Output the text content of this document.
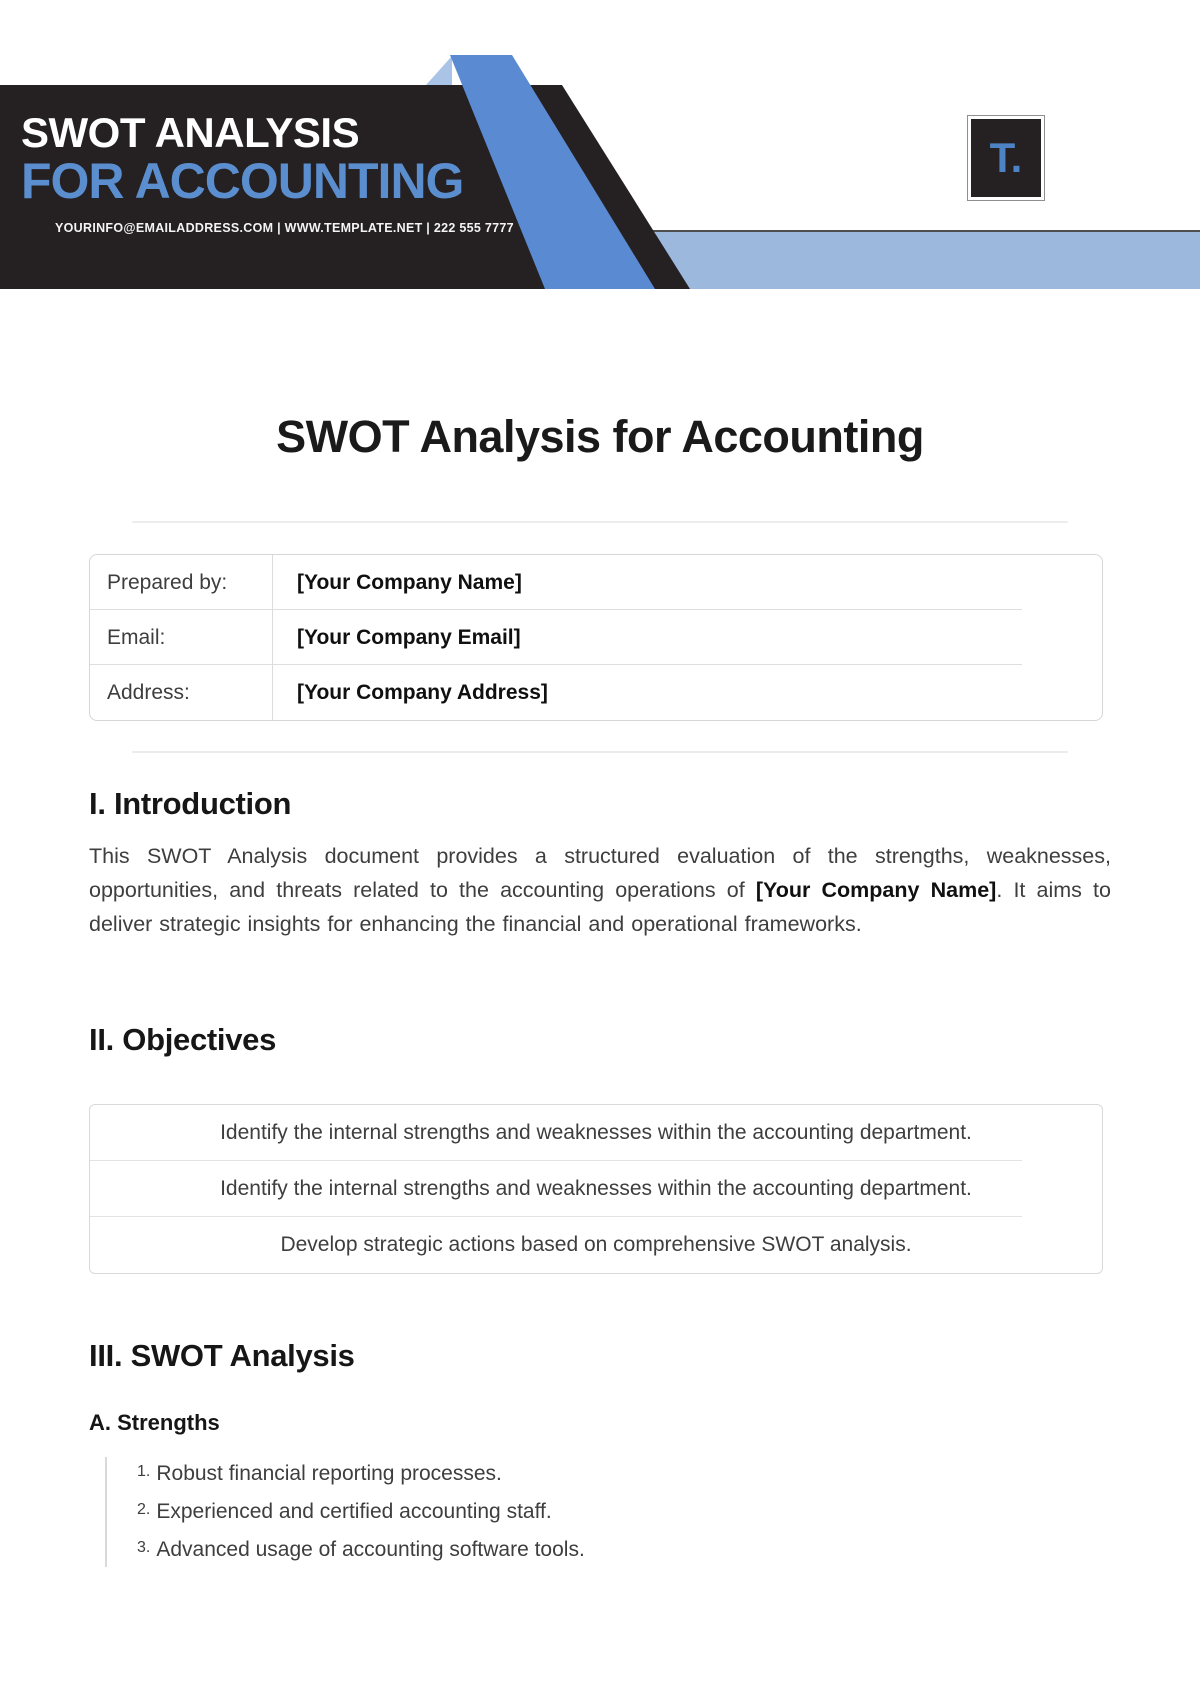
SWOT ANALYSIS
FOR ACCOUNTING
YOURINFO@EMAILADDRESS.COM | WWW.TEMPLATE.NET | 222 555 7777
T.
SWOT Analysis for Accounting
Prepared by:	[Your Company Name]
Email:	[Your Company Email]
Address:	[Your Company Address]
I. Introduction

This SWOT Analysis document provides a structured evaluation of the strengths, weaknesses, opportunities, and threats related to the accounting operations of [Your Company Name]. It aims to deliver strategic insights for enhancing the financial and operational frameworks.

II. Objectives
Identify the internal strengths and weaknesses within the accounting department.
Identify the internal strengths and weaknesses within the accounting department.
Develop strategic actions based on comprehensive SWOT analysis.
III. SWOT Analysis
A. Strengths
1. Robust financial reporting processes.
2. Experienced and certified accounting staff.
3. Advanced usage of accounting software tools.
